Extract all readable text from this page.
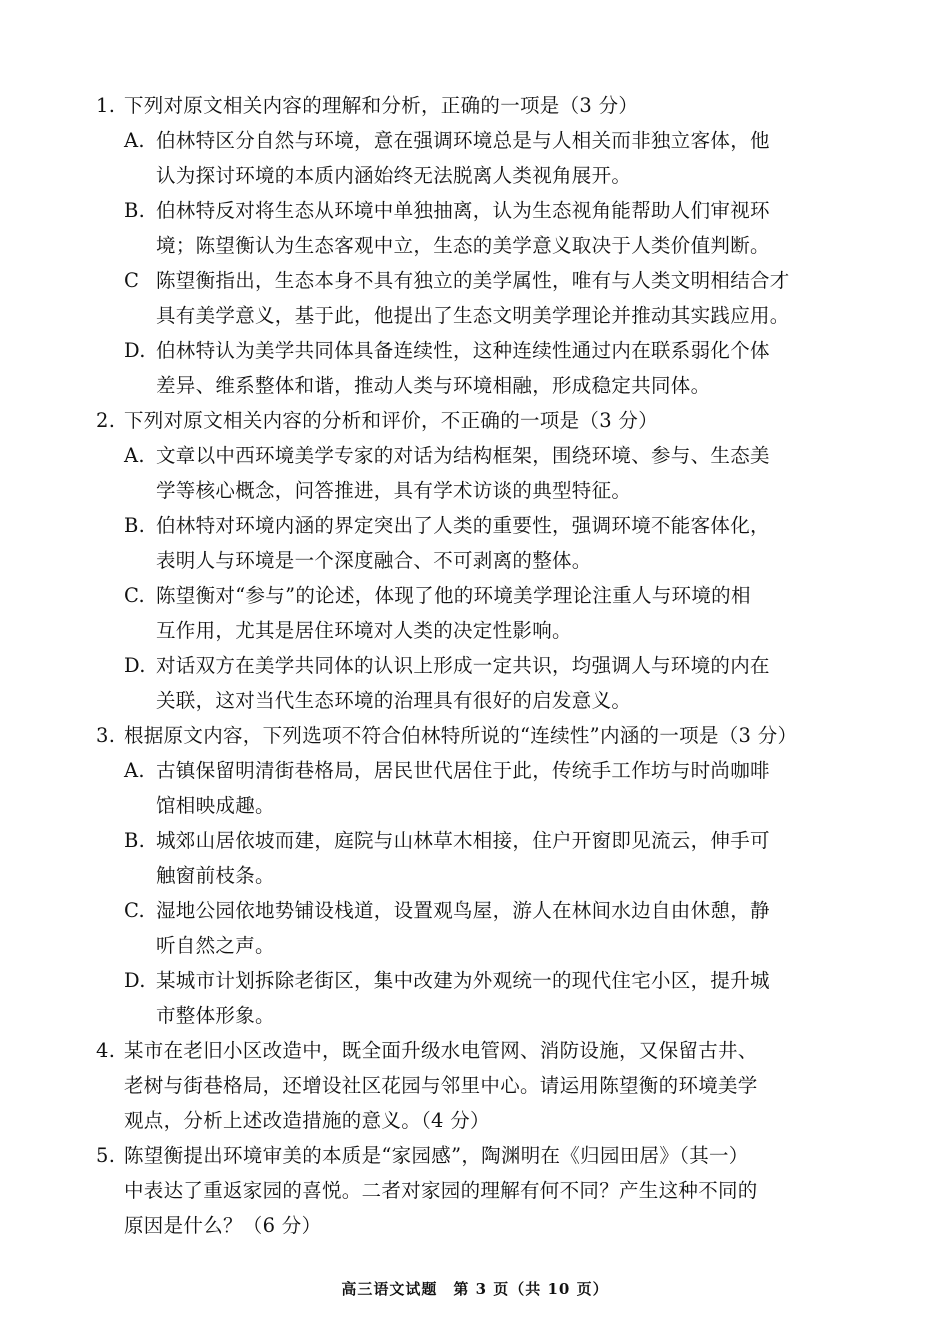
1. 下列对原文相关内容的理解和分析，正确的一项是（3 分）
A. 伯林特区分自然与环境，意在强调环境总是与人相关而非独立客体，他
认为探讨环境的本质内涵始终无法脱离人类视角展开。
B. 伯林特反对将生态从环境中单独抽离，认为生态视角能帮助人们审视环
境；陈望衡认为生态客观中立，生态的美学意义取决于人类价值判断。
C 陈望衡指出，生态本身不具有独立的美学属性，唯有与人类文明相结合才
具有美学意义，基于此，他提出了生态文明美学理论并推动其实践应用。
D. 伯林特认为美学共同体具备连续性，这种连续性通过内在联系弱化个体
差异、维系整体和谐，推动人类与环境相融，形成稳定共同体。
2. 下列对原文相关内容的分析和评价，不正确的一项是（3 分）
A. 文章以中西环境美学专家的对话为结构框架，围绕环境、参与、生态美
学等核心概念，问答推进，具有学术访谈的典型特征。
B. 伯林特对环境内涵的界定突出了人类的重要性，强调环境不能客体化，
表明人与环境是一个深度融合、不可剥离的整体。
C. 陈望衡对“参与”的论述，体现了他的环境美学理论注重人与环境的相
互作用，尤其是居住环境对人类的决定性影响。
D. 对话双方在美学共同体的认识上形成一定共识，均强调人与环境的内在
关联，这对当代生态环境的治理具有很好的启发意义。
3. 根据原文内容，下列选项不符合伯林特所说的“连续性”内涵的一项是（3 分）
A. 古镇保留明清街巷格局，居民世代居住于此，传统手工作坊与时尚咖啡
馆相映成趣。
B. 城郊山居依坡而建，庭院与山林草木相接，住户开窗即见流云，伸手可
触窗前枝条。
C. 湿地公园依地势铺设栈道，设置观鸟屋，游人在林间水边自由休憩，静
听自然之声。
D. 某城市计划拆除老街区，集中改建为外观统一的现代住宅小区，提升城
市整体形象。
4. 某市在老旧小区改造中，既全面升级水电管网、消防设施，又保留古井、
老树与街巷格局，还增设社区花园与邻里中心。请运用陈望衡的环境美学
观点，分析上述改造措施的意义。（4 分）
5. 陈望衡提出环境审美的本质是“家园感”，陶渊明在《归园田居》（其一）
中表达了重返家园的喜悦。二者对家园的理解有何不同？产生这种不同的
原因是什么？（6 分）
高三语文试题　第 3 页（共 10 页）
